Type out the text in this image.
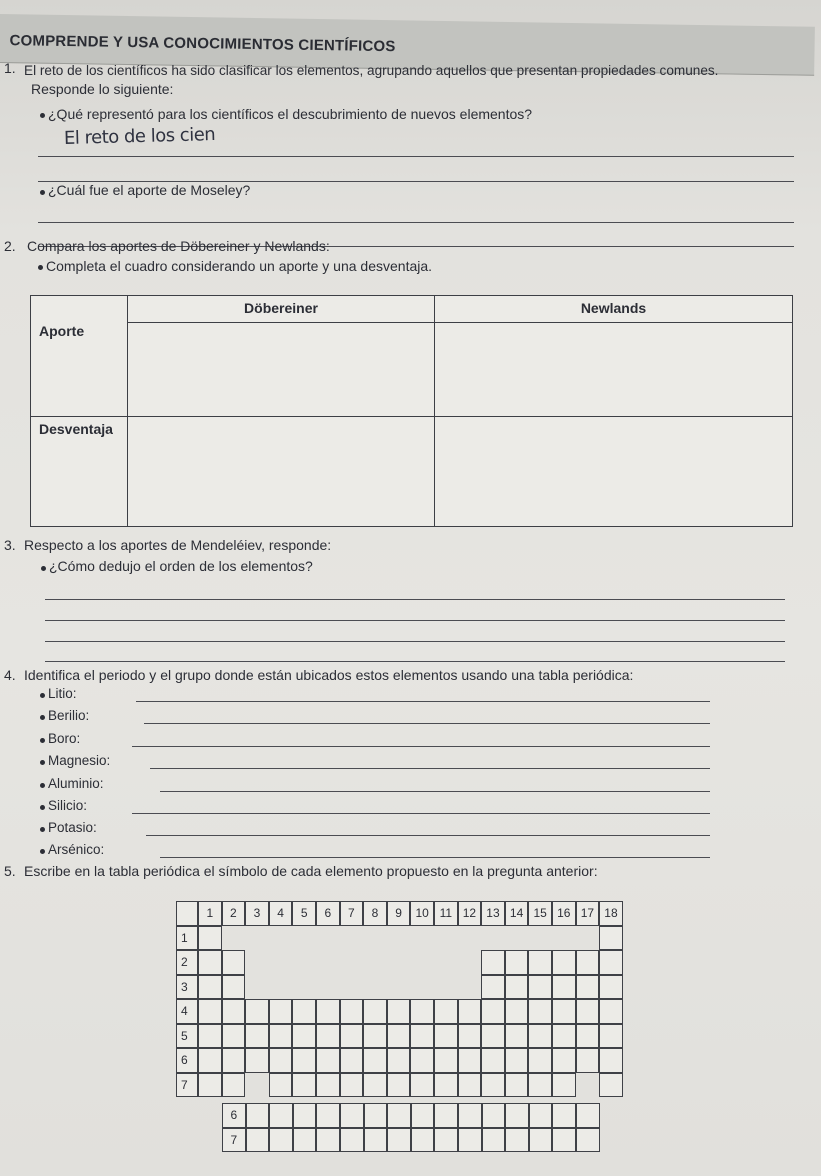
COMPRENDE Y USA CONOCIMIENTOS CIENTÍFICOS
1. El reto de los científicos ha sido clasificar los elementos, agrupando aquellos que presentan propiedades comunes.
Responde lo siguiente:
¿Qué representó para los científicos el descubrimiento de nuevos elementos?
El reto de los cien
¿Cuál fue el aporte de Moseley?
2. Compara los aportes de Döbereiner y Newlands:
Completa el cuadro considerando un aporte y una desventaja.
	Döbereiner	Newlands
Aporte		
Desventaja		
3. Respecto a los aportes de Mendeléiev, responde:
¿Cómo dedujo el orden de los elementos?
4. Identifica el periodo y el grupo donde están ubicados estos elementos usando una tabla periódica:
Litio:
Berilio:
Boro:
Magnesio:
Aluminio:
Silicio:
Potasio:
Arsénico:
5. Escribe en la tabla periódica el símbolo de cada elemento propuesto en la pregunta anterior:
1	2	3	4	5	6	7	8	9	10 11 12 13 14 15 16 17 18
1
2
3
4
5
6
7
6
7
